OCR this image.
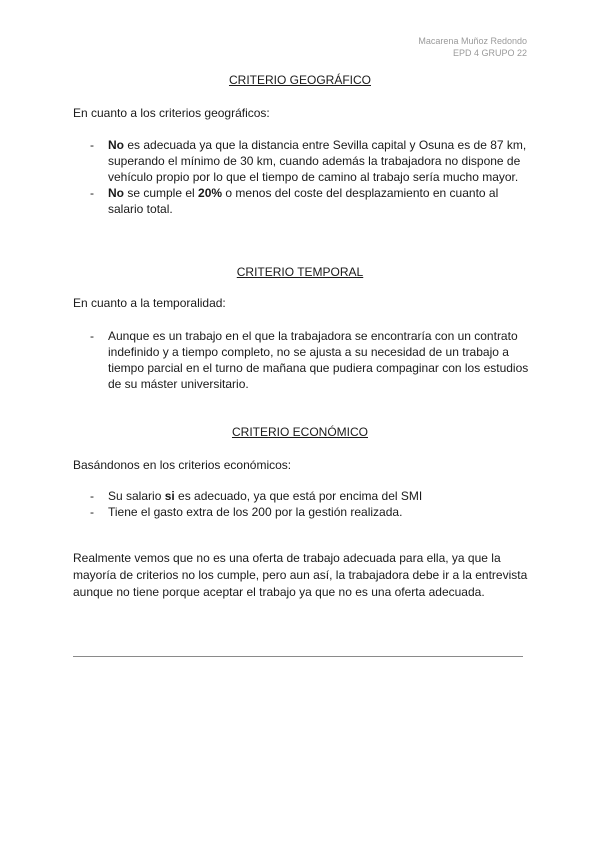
Macarena Muñoz Redondo
EPD 4 GRUPO 22
CRITERIO GEOGRÁFICO
En cuanto a los criterios geográficos:
- No es adecuada ya que la distancia entre Sevilla capital y Osuna es de 87 km, superando el mínimo de 30 km, cuando además la trabajadora no dispone de vehículo propio por lo que el tiempo de camino al trabajo sería mucho mayor.
- No se cumple el 20% o menos del coste del desplazamiento en cuanto al salario total.
CRITERIO TEMPORAL
En cuanto a la temporalidad:
- Aunque es un trabajo en el que la trabajadora se encontraría con un contrato indefinido y a tiempo completo, no se ajusta a su necesidad de un trabajo a tiempo parcial en el turno de mañana que pudiera compaginar con los estudios de su máster universitario.
CRITERIO ECONÓMICO
Basándonos en los criterios económicos:
- Su salario si es adecuado, ya que está por encima del SMI
- Tiene el gasto extra de los 200 por la gestión realizada.
Realmente vemos que no es una oferta de trabajo adecuada para ella, ya que la mayoría de criterios no los cumple, pero aun así, la trabajadora debe ir a la entrevista aunque no tiene porque aceptar el trabajo ya que no es una oferta adecuada.
